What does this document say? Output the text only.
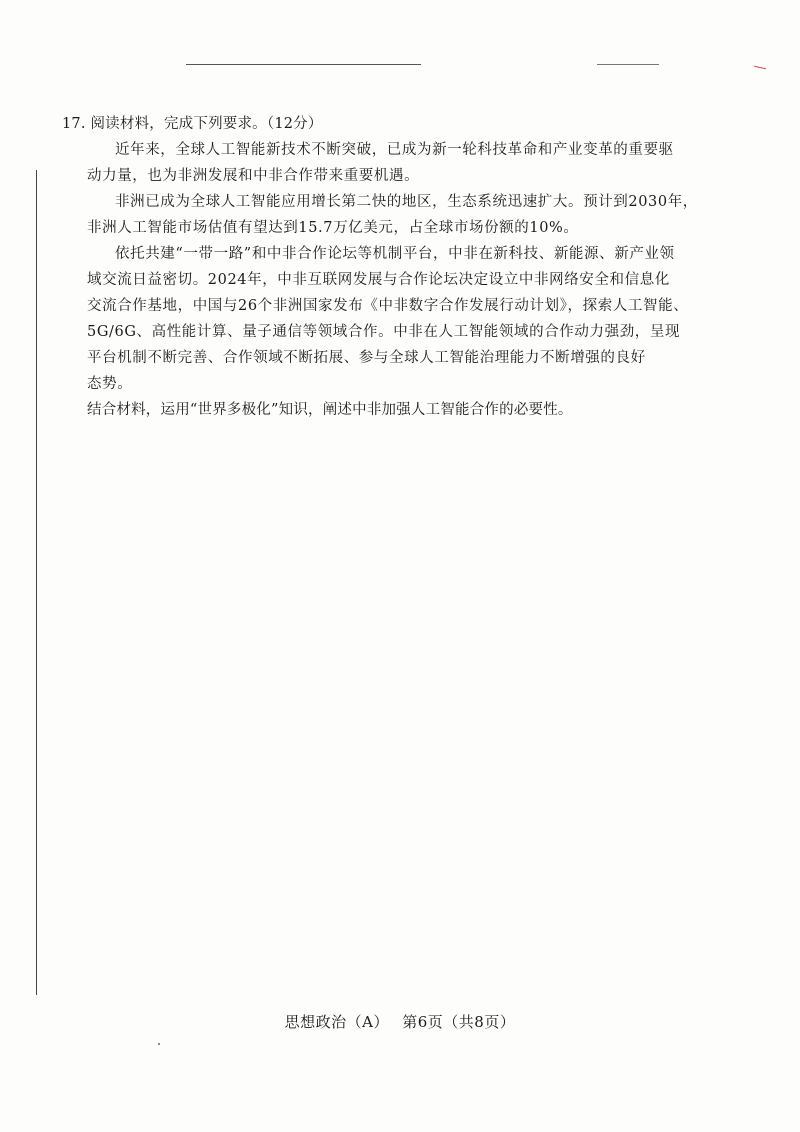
17. 阅读材料，完成下列要求。（12分）

近年来，全球人工智能新技术不断突破，已成为新一轮科技革命和产业变革的重要驱
动力量，也为非洲发展和中非合作带来重要机遇。

非洲已成为全球人工智能应用增长第二快的地区，生态系统迅速扩大。预计到2030年，
非洲人工智能市场估值有望达到15.7万亿美元，占全球市场份额的10%。

依托共建“一带一路”和中非合作论坛等机制平台，中非在新科技、新能源、新产业领
域交流日益密切。2024年，中非互联网发展与合作论坛决定设立中非网络安全和信息化
交流合作基地，中国与26个非洲国家发布《中非数字合作发展行动计划》，探索人工智能、
5G/6G、高性能计算、量子通信等领域合作。中非在人工智能领域的合作动力强劲，呈现
平台机制不断完善、合作领域不断拓展、参与全球人工智能治理能力不断增强的良好
态势。

结合材料，运用“世界多极化”知识，阐述中非加强人工智能合作的必要性。

思想政治（A） 第6页（共8页）
